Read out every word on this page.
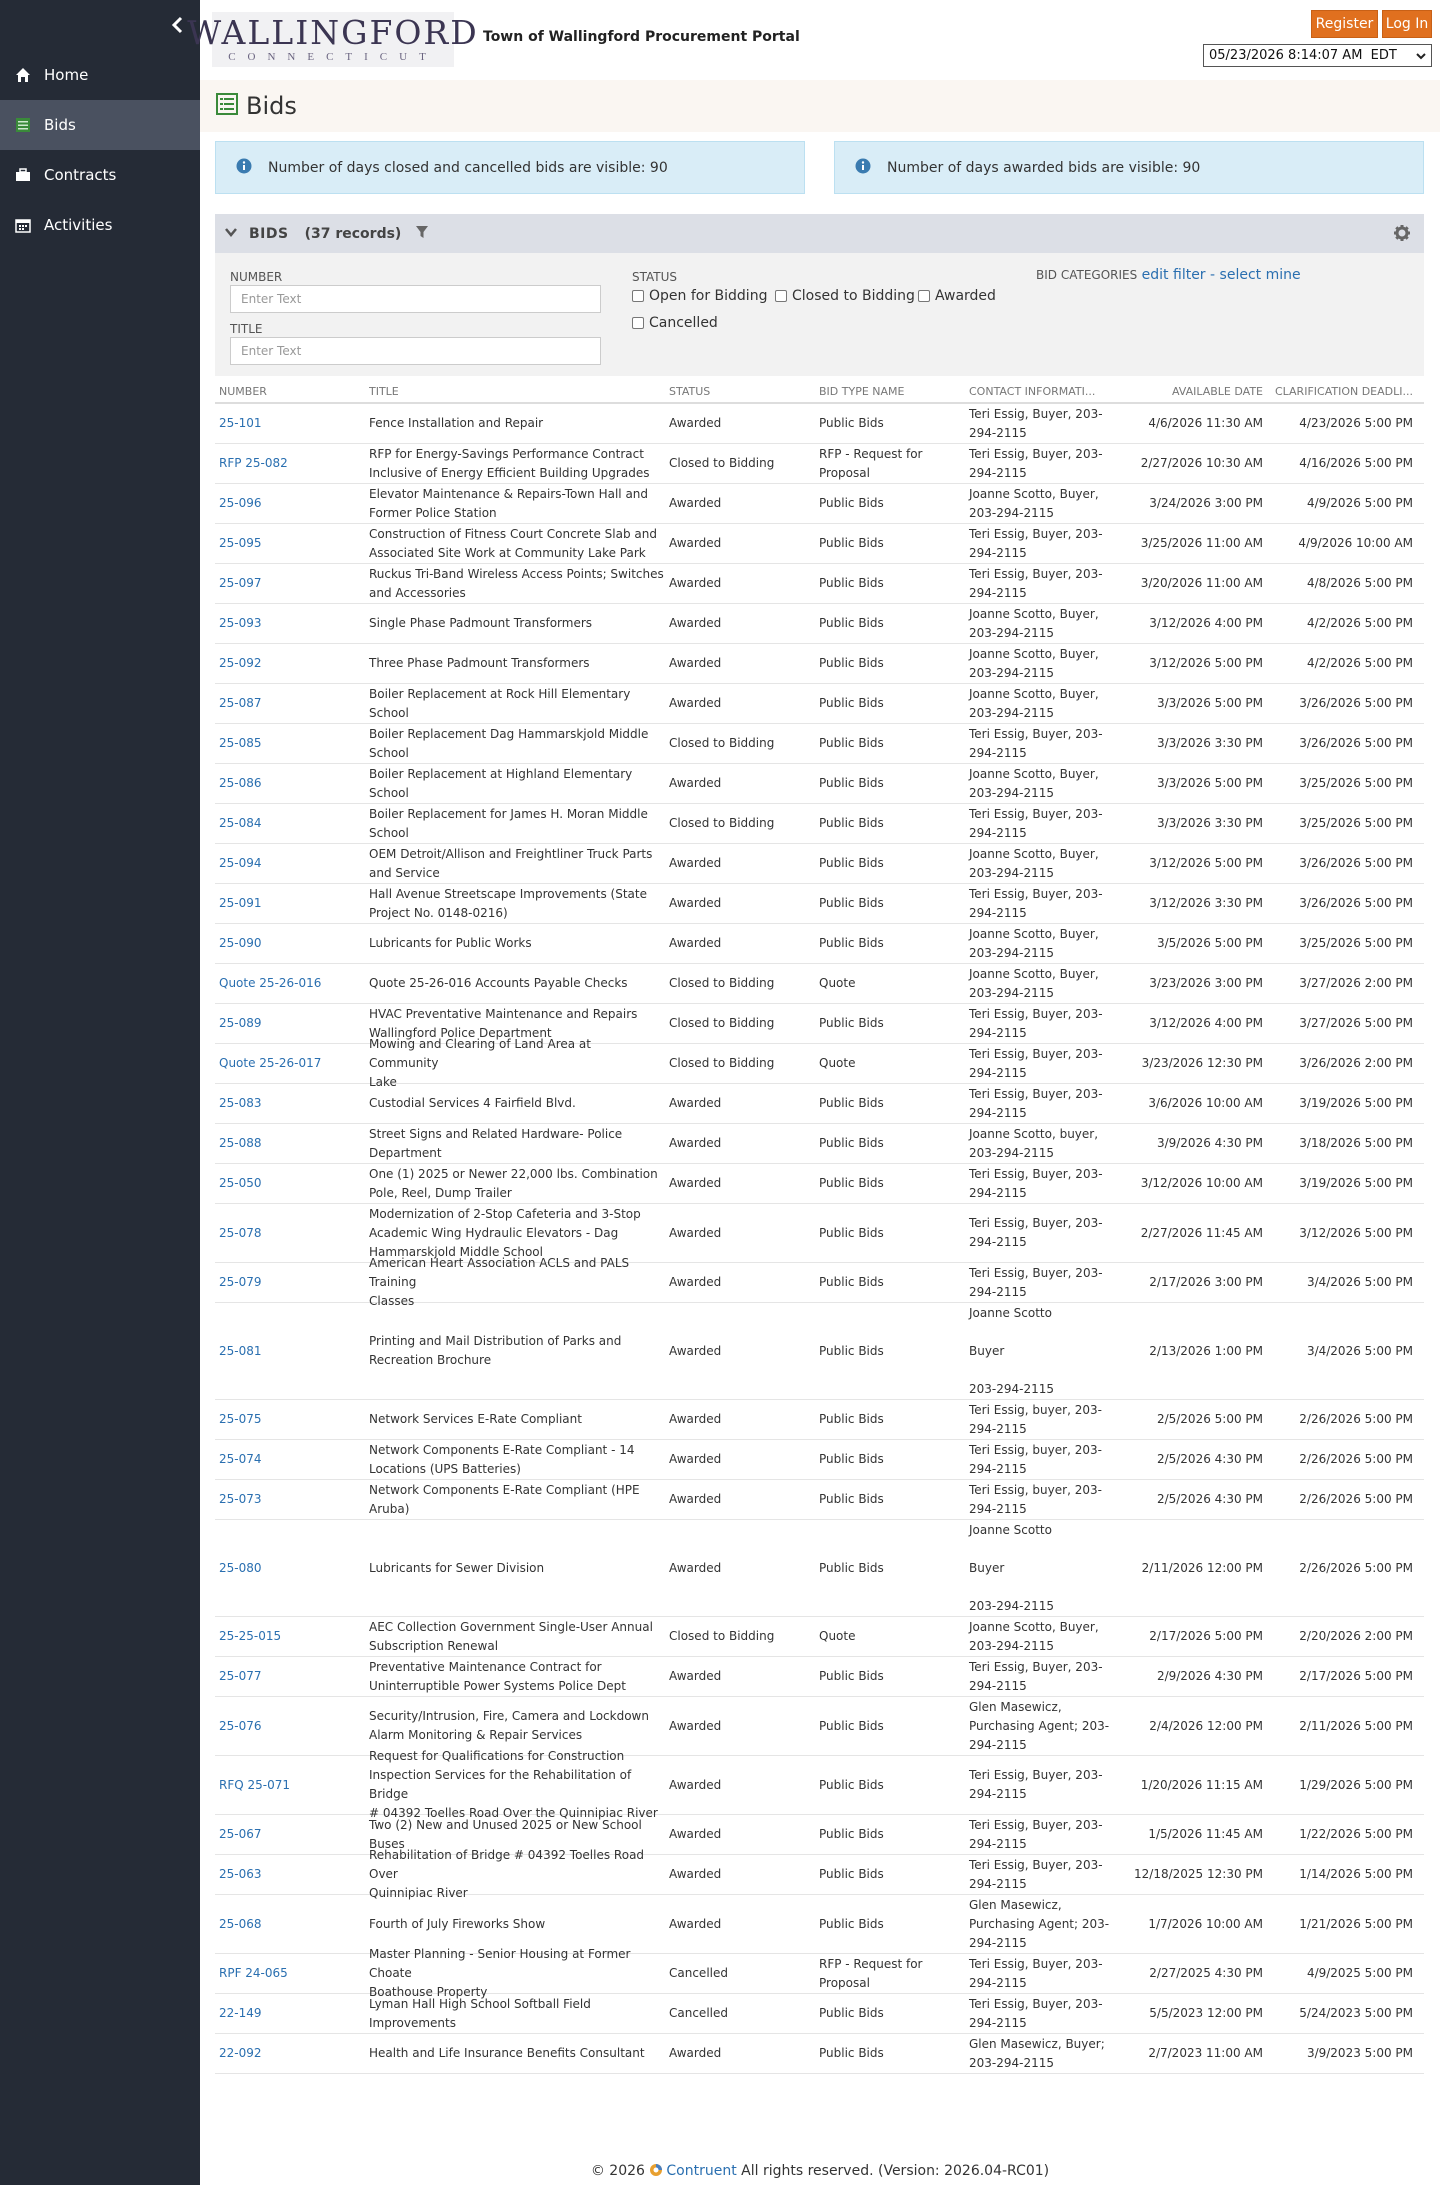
Home
Bids
Contracts
Activities
WALLINGFORD
CONNECTICUT
Town of Wallingford Procurement Portal
Register Log In
05/23/2026 8:14:07 AM  EDT
Bids
Number of days closed and cancelled bids are visible: 90	Number of days awarded bids are visible: 90
BIDS (37 records)
NUMBER
Enter Text
TITLE
Enter Text
STATUS
Open for Bidding Closed to Bidding Awarded
Cancelled
BID CATEGORIES edit filter - select mine
NUMBER	TITLE	STATUS	BID TYPE NAME	CONTACT INFORMATI...	AVAILABLE DATE	CLARIFICATION DEADLI...
25-101	Fence Installation and Repair	Awarded	Public Bids
Teri Essig, Buyer, 203-
294-2115
4/6/2026 11:30 AM	4/23/2026 5:00 PM
RFP 25-082
RFP for Energy-Savings Performance Contract
Inclusive of Energy Efficient Building Upgrades
Closed to Bidding
RFP - Request for
Proposal
Teri Essig, Buyer, 203-
294-2115
2/27/2026 10:30 AM	4/16/2026 5:00 PM
25-096
Elevator Maintenance & Repairs-Town Hall and
Former Police Station
Awarded	Public Bids
Joanne Scotto, Buyer,
203-294-2115
3/24/2026 3:00 PM	4/9/2026 5:00 PM
25-095
Construction of Fitness Court Concrete Slab and
Associated Site Work at Community Lake Park
Awarded	Public Bids
Teri Essig, Buyer, 203-
294-2115
3/25/2026 11:00 AM	4/9/2026 10:00 AM
25-097
Ruckus Tri-Band Wireless Access Points; Switches
and Accessories
Awarded	Public Bids
Teri Essig, Buyer, 203-
294-2115
3/20/2026 11:00 AM	4/8/2026 5:00 PM
25-093	Single Phase Padmount Transformers	Awarded	Public Bids
Joanne Scotto, Buyer,
203-294-2115
3/12/2026 4:00 PM	4/2/2026 5:00 PM
25-092	Three Phase Padmount Transformers	Awarded	Public Bids
Joanne Scotto, Buyer,
203-294-2115
3/12/2026 5:00 PM	4/2/2026 5:00 PM
25-087
Boiler Replacement at Rock Hill Elementary School
Awarded	Public Bids
Joanne Scotto, Buyer,
203-294-2115
3/3/2026 5:00 PM	3/26/2026 5:00 PM
25-085
Boiler Replacement Dag Hammarskjold Middle
School
Closed to Bidding	Public Bids
Teri Essig, Buyer, 203-
294-2115
3/3/2026 3:30 PM	3/26/2026 5:00 PM
25-086
Boiler Replacement at Highland Elementary School
Awarded	Public Bids
Joanne Scotto, Buyer,
203-294-2115
3/3/2026 5:00 PM	3/25/2026 5:00 PM
25-084
Boiler Replacement for James H. Moran Middle
School
Closed to Bidding	Public Bids
Teri Essig, Buyer, 203-
294-2115
3/3/2026 3:30 PM	3/25/2026 5:00 PM
25-094
OEM Detroit/Allison and Freightliner Truck Parts
and Service
Awarded	Public Bids
Joanne Scotto, Buyer,
203-294-2115
3/12/2026 5:00 PM	3/26/2026 5:00 PM
25-091
Hall Avenue Streetscape Improvements (State
Project No. 0148-0216)
Awarded	Public Bids
Teri Essig, Buyer, 203-
294-2115
3/12/2026 3:30 PM	3/26/2026 5:00 PM
25-090	Lubricants for Public Works	Awarded	Public Bids
Joanne Scotto, Buyer,
203-294-2115
3/5/2026 5:00 PM	3/25/2026 5:00 PM
Quote 25-26-016	Quote 25-26-016 Accounts Payable Checks	Closed to Bidding	Quote
Joanne Scotto, Buyer,
203-294-2115
3/23/2026 3:00 PM	3/27/2026 2:00 PM
25-089
HVAC Preventative Maintenance and Repairs
Wallingford Police Department
Closed to Bidding	Public Bids
Teri Essig, Buyer, 203-
294-2115
3/12/2026 4:00 PM	3/27/2026 5:00 PM
Quote 25-26-017
Mowing and Clearing of Land Area at Community
Lake
Closed to Bidding	Quote
Teri Essig, Buyer, 203-
294-2115
3/23/2026 12:30 PM	3/26/2026 2:00 PM
25-083	Custodial Services 4 Fairfield Blvd.	Awarded	Public Bids
Teri Essig, Buyer, 203-
294-2115
3/6/2026 10:00 AM	3/19/2026 5:00 PM
25-088
Street Signs and Related Hardware- Police
Department
Awarded	Public Bids
Joanne Scotto, buyer,
203-294-2115
3/9/2026 4:30 PM	3/18/2026 5:00 PM
25-050
One (1) 2025 or Newer 22,000 lbs. Combination
Pole, Reel, Dump Trailer
Awarded	Public Bids
Teri Essig, Buyer, 203-
294-2115
3/12/2026 10:00 AM	3/19/2026 5:00 PM
25-078
Modernization of 2-Stop Cafeteria and 3-Stop
Academic Wing Hydraulic Elevators - Dag
Hammarskjold Middle School
Awarded	Public Bids
Teri Essig, Buyer, 203-
294-2115
2/27/2026 11:45 AM	3/12/2026 5:00 PM
25-079
American Heart Association ACLS and PALS Training
Classes
Awarded	Public Bids
Teri Essig, Buyer, 203-
294-2115
2/17/2026 3:00 PM	3/4/2026 5:00 PM
25-081
Printing and Mail Distribution of Parks and
Recreation Brochure
Awarded	Public Bids
Joanne Scotto

Buyer

203-294-2115
2/13/2026 1:00 PM	3/4/2026 5:00 PM
25-075	Network Services E-Rate Compliant	Awarded	Public Bids
Teri Essig, buyer, 203-
294-2115
2/5/2026 5:00 PM	2/26/2026 5:00 PM
25-074
Network Components E-Rate Compliant - 14
Locations (UPS Batteries)
Awarded	Public Bids
Teri Essig, buyer, 203-
294-2115
2/5/2026 4:30 PM	2/26/2026 5:00 PM
25-073
Network Components E-Rate Compliant (HPE
Aruba)
Awarded	Public Bids
Teri Essig, buyer, 203-
294-2115
2/5/2026 4:30 PM	2/26/2026 5:00 PM
25-080	Lubricants for Sewer Division	Awarded	Public Bids
Joanne Scotto

Buyer

203-294-2115
2/11/2026 12:00 PM	2/26/2026 5:00 PM
25-25-015
AEC Collection Government Single-User Annual
Subscription Renewal
Closed to Bidding	Quote
Joanne Scotto, Buyer,
203-294-2115
2/17/2026 5:00 PM	2/20/2026 2:00 PM
25-077
Preventative Maintenance Contract for
Uninterruptible Power Systems Police Dept
Awarded	Public Bids
Teri Essig, Buyer, 203-
294-2115
2/9/2026 4:30 PM	2/17/2026 5:00 PM
25-076
Security/Intrusion, Fire, Camera and Lockdown
Alarm Monitoring & Repair Services
Awarded	Public Bids
Glen Masewicz,
Purchasing Agent; 203-
294-2115
2/4/2026 12:00 PM	2/11/2026 5:00 PM
RFQ 25-071
Request for Qualifications for Construction
Inspection Services for the Rehabilitation of Bridge
# 04392 Toelles Road Over the Quinnipiac River
Awarded	Public Bids
Teri Essig, Buyer, 203-
294-2115
1/20/2026 11:15 AM	1/29/2026 5:00 PM
25-067
Two (2) New and Unused 2025 or New School Buses
Awarded	Public Bids
Teri Essig, Buyer, 203-
294-2115
1/5/2026 11:45 AM	1/22/2026 5:00 PM
25-063
Rehabilitation of Bridge # 04392 Toelles Road Over
Quinnipiac River
Awarded	Public Bids
Teri Essig, Buyer, 203-
294-2115
12/18/2025 12:30 PM	1/14/2026 5:00 PM
25-068	Fourth of July Fireworks Show	Awarded	Public Bids
Glen Masewicz,
Purchasing Agent; 203-
294-2115
1/7/2026 10:00 AM	1/21/2026 5:00 PM
RPF 24-065
Master Planning - Senior Housing at Former Choate
Boathouse Property
Cancelled
RFP - Request for
Proposal
Teri Essig, Buyer, 203-
294-2115
2/27/2025 4:30 PM	4/9/2025 5:00 PM
22-149
Lyman Hall High School Softball Field
Improvements
Cancelled	Public Bids
Teri Essig, Buyer, 203-
294-2115
5/5/2023 12:00 PM	5/24/2023 5:00 PM
22-092	Health and Life Insurance Benefits Consultant	Awarded	Public Bids
Glen Masewicz, Buyer;
203-294-2115
2/7/2023 11:00 AM	3/9/2023 5:00 PM
© 2026 Contruent All rights reserved. (Version: 2026.04-RC01)
